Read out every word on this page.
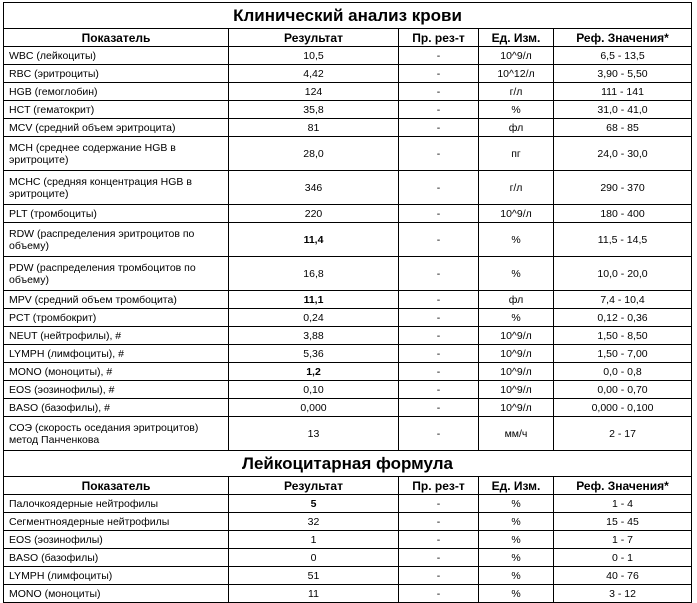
Клинический анализ крови				
Показатель	Результат	Пр. рез-т	Ед. Изм.	Реф. Значения*
WBC (лейкоциты)	10,5	-	10^9/л	6,5 - 13,5
RBC (эритроциты)	4,42	-	10^12/л	3,90 - 5,50
HGB (гемоглобин)	124	-	г/л	111 - 141
HCT (гематокрит)	35,8	-	%	31,0 - 41,0
MCV (средний объем эритроцита)	81	-	фл	68 - 85
MCH (среднее содержание HGB в эритроците)	28,0	-	пг	24,0 - 30,0
MCHC (средняя концентрация HGB в эритроците)	346	-	г/л	290 - 370
PLT (тромбоциты)	220	-	10^9/л	180 - 400
RDW (распределения эритроцитов по объему)	11,4	-	%	11,5 - 14,5
PDW (распределения тромбоцитов по объему)	16,8	-	%	10,0 - 20,0
MPV (средний объем тромбоцита)	11,1	-	фл	7,4 - 10,4
PCT (тромбокрит)	0,24	-	%	0,12 - 0,36
NEUT (нейтрофилы), #	3,88	-	10^9/л	1,50 - 8,50
LYMPH (лимфоциты), #	5,36	-	10^9/л	1,50 - 7,00
MONO (моноциты), #	1,2	-	10^9/л	0,0 - 0,8
EOS (эозинофилы), #	0,10	-	10^9/л	0,00 - 0,70
BASO (базофилы), #	0,000	-	10^9/л	0,000 - 0,100
СОЭ (скорость оседания эритроцитов) метод Панченкова	13	-	мм/ч	2 - 17
Лейкоцитарная формула				
Показатель	Результат	Пр. рез-т	Ед. Изм.	Реф. Значения*
Палочкоядерные нейтрофилы	5	-	%	1 - 4
Сегментноядерные нейтрофилы	32	-	%	15 - 45
EOS (эозинофилы)	1	-	%	1 - 7
BASO (базофилы)	0	-	%	0 - 1
LYMPH (лимфоциты)	51	-	%	40 - 76
MONO (моноциты)	11	-	%	3 - 12
